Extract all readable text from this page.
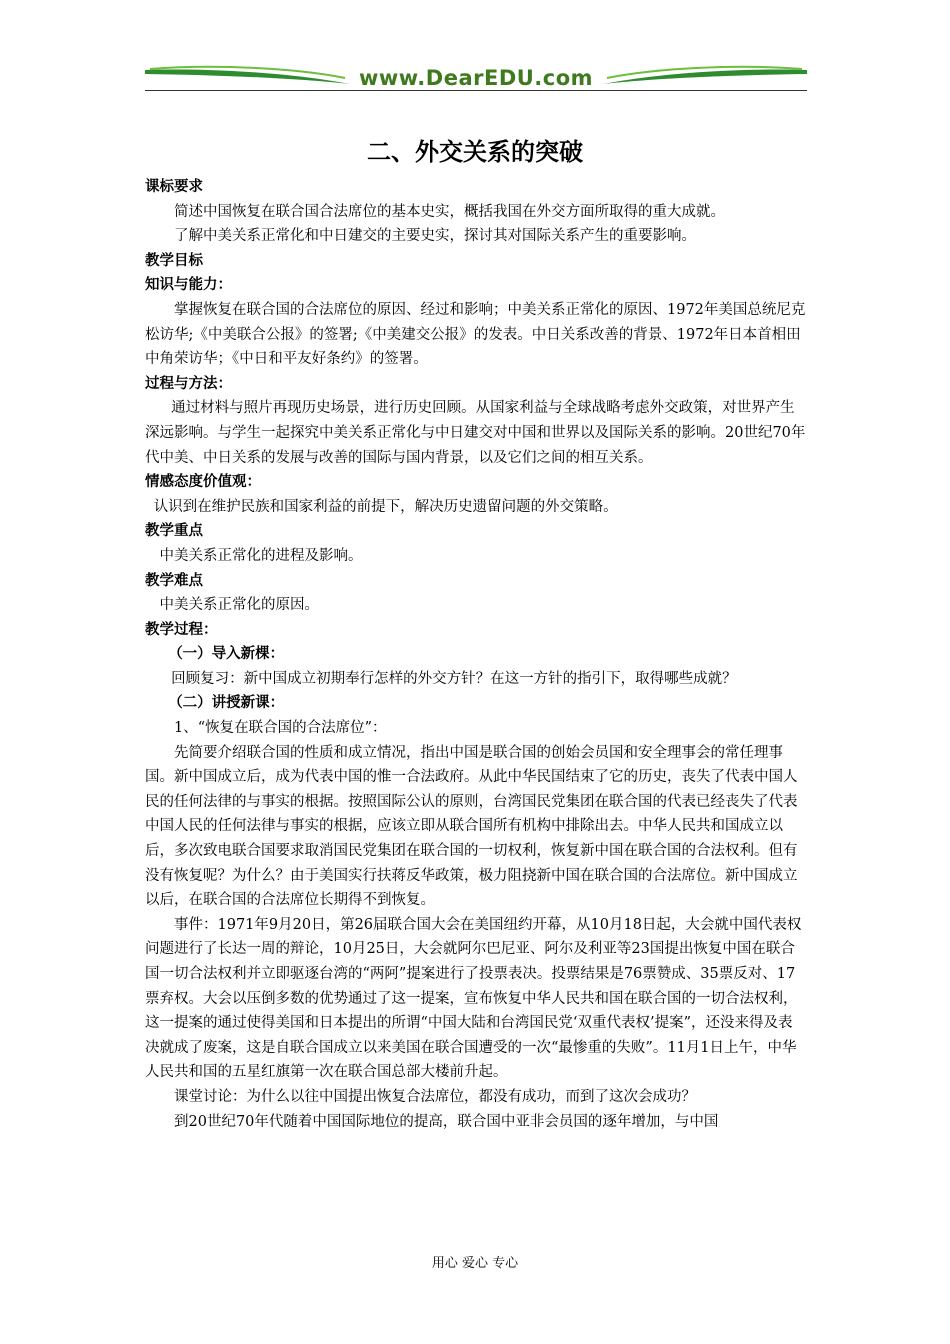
www.DearEDU.com
二、外交关系的突破

课标要求

简述中国恢复在联合国合法席位的基本史实，概括我国在外交方面所取得的重大成就。

了解中美关系正常化和中日建交的主要史实，探讨其对国际关系产生的重要影响。

教学目标

知识与能力：

掌握恢复在联合国的合法席位的原因、经过和影响；中美关系正常化的原因、1972年美国总统尼克松访华;《中美联合公报》的签署;《中美建交公报》的发表。中日关系改善的背景、1972年日本首相田中角荣访华；《中日和平友好条约》的签署。

过程与方法：

通过材料与照片再现历史场景，进行历史回顾。从国家利益与全球战略考虑外交政策，对世界产生深远影响。与学生一起探究中美关系正常化与中日建交对中国和世界以及国际关系的影响。20世纪70年代中美、中日关系的发展与改善的国际与国内背景，以及它们之间的相互关系。

情感态度价值观：

认识到在维护民族和国家利益的前提下，解决历史遗留问题的外交策略。

教学重点

中美关系正常化的进程及影响。

教学难点

中美关系正常化的原因。

教学过程：

（一）导入新棵：

回顾复习：新中国成立初期奉行怎样的外交方针？在这一方针的指引下，取得哪些成就？

（二）讲授新课：

1、“恢复在联合国的合法席位”：

先简要介绍联合国的性质和成立情况，指出中国是联合国的创始会员国和安全理事会的常任理事国。新中国成立后，成为代表中国的惟一合法政府。从此中华民国结束了它的历史，丧失了代表中国人民的任何法律的与事实的根据。按照国际公认的原则，台湾国民党集团在联合国的代表已经丧失了代表中国人民的任何法律与事实的根据，应该立即从联合国所有机构中排除出去。中华人民共和国成立以后，多次致电联合国要求取消国民党集团在联合国的一切权利，恢复新中国在联合国的合法权利。但有没有恢复呢？为什么？由于美国实行扶蒋反华政策，极力阻挠新中国在联合国的合法席位。新中国成立以后，在联合国的合法席位长期得不到恢复。

事件：1971年9月20日，第26届联合国大会在美国纽约开幕，从10月18日起，大会就中国代表权问题进行了长达一周的辩论，10月25日，大会就阿尔巴尼亚、阿尔及利亚等23国提出恢复中国在联合国一切合法权利并立即驱逐台湾的“两阿”提案进行了投票表决。投票结果是76票赞成、35票反对、17票弃权。大会以压倒多数的优势通过了这一提案，宣布恢复中华人民共和国在联合国的一切合法权利，这一提案的通过使得美国和日本提出的所谓“中国大陆和台湾国民党‘双重代表权’提案”，还没来得及表决就成了废案，这是自联合国成立以来美国在联合国遭受的一次“最惨重的失败”。11月1日上午，中华人民共和国的五星红旗第一次在联合国总部大楼前升起。

课堂讨论：为什么以往中国提出恢复合法席位，都没有成功，而到了这次会成功？

到20世纪70年代随着中国国际地位的提高，联合国中亚非会员国的逐年增加，与中国

用心 爱心 专心
